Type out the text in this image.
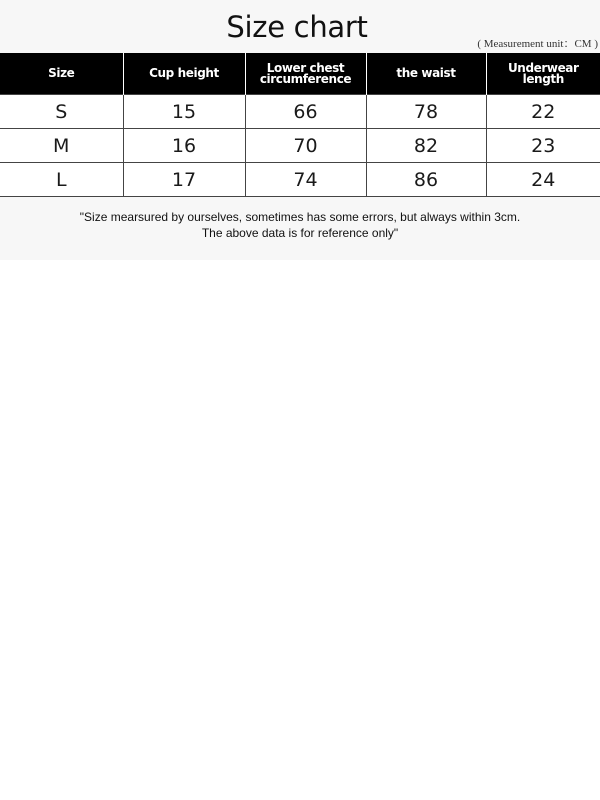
Size chart	( Measurement unit：CM )
Size	Cup height	Lower chest circumference	the waist	Underwear length
S	15	66	78	22
M	16	70	82	23
L	17	74	86	24
"Size mearsured by ourselves, sometimes has some errors, but always within 3cm.
The above data is for reference only"
